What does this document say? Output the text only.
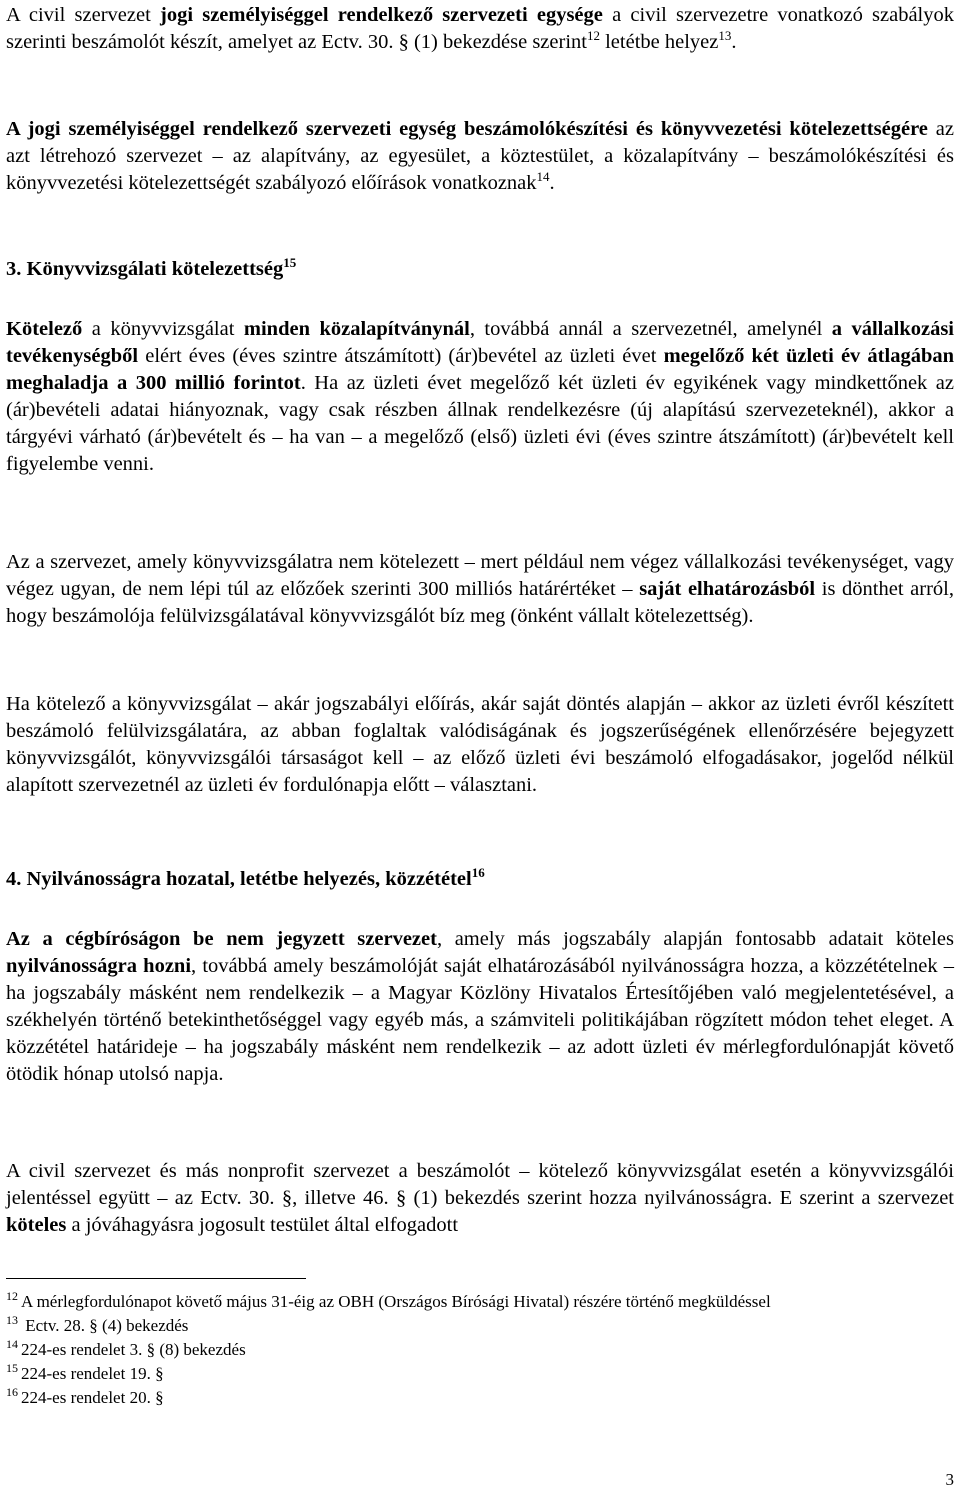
A civil szervezet jogi személyiséggel rendelkező szervezeti egysége a civil szervezetre vonatkozó szabályok szerinti beszámolót készít, amelyet az Ectv. 30. § (1) bekezdése szerint$^{12}$ letétbe helyez$^{13}$.

A jogi személyiséggel rendelkező szervezeti egység beszámolókészítési és könyvvezetési kötelezettségére az azt létrehozó szervezet – az alapítvány, az egyesület, a köztestület, a közalapítvány – beszámolókészítési és könyvvezetési kötelezettségét szabályozó előírások vonatkoznak$^{14}$.

3. Könyvvizsgálati kötelezettség$^{15}$

Kötelező a könyvvizsgálat minden közalapítványnál, továbbá annál a szervezetnél, amelynél a vállalkozási tevékenységből elért éves (éves szintre átszámított) (ár)bevétel az üzleti évet megelőző két üzleti év átlagában meghaladja a 300 millió forintot. Ha az üzleti évet megelőző két üzleti év egyikének vagy mindkettőnek az (ár)bevételi adatai hiányoznak, vagy csak részben állnak rendelkezésre (új alapítású szervezeteknél), akkor a tárgyévi várható (ár)bevételt és – ha van – a megelőző (első) üzleti évi (éves szintre átszámított) (ár)bevételt kell figyelembe venni.

Az a szervezet, amely könyvvizsgálatra nem kötelezett – mert például nem végez vállalkozási tevékenységet, vagy végez ugyan, de nem lépi túl az előzőek szerinti 300 milliós határértéket – saját elhatározásból is dönthet arról, hogy beszámolója felülvizsgálatával könyvvizsgálót bíz meg (önként vállalt kötelezettség).

Ha kötelező a könyvvizsgálat – akár jogszabályi előírás, akár saját döntés alapján – akkor az üzleti évről készített beszámoló felülvizsgálatára, az abban foglaltak valódiságának és jogszerűségének ellenőrzésére bejegyzett könyvvizsgálót, könyvvizsgálói társaságot kell – az előző üzleti évi beszámoló elfogadásakor, jogelőd nélkül alapított szervezetnél az üzleti év fordulónapja előtt – választani.

4. Nyilvánosságra hozatal, letétbe helyezés, közzététel$^{16}$

Az a cégbíróságon be nem jegyzett szervezet, amely más jogszabály alapján fontosabb adatait köteles nyilvánosságra hozni, továbbá amely beszámolóját saját elhatározásából nyilvánosságra hozza, a közzétételnek – ha jogszabály másként nem rendelkezik – a Magyar Közlöny Hivatalos Értesítőjében való megjelentetésével, a székhelyén történő betekinthetőséggel vagy egyéb más, a számviteli politikájában rögzített módon tehet eleget. A közzététel határideje – ha jogszabály másként nem rendelkezik – az adott üzleti év mérlegfordulónapját követő ötödik hónap utolsó napja.

A civil szervezet és más nonprofit szervezet a beszámolót – kötelező könyvvizsgálat esetén a könyvvizsgálói jelentéssel együtt – az Ectv. 30. §, illetve 46. § (1) bekezdés szerint hozza nyilvánosságra. E szerint a szervezet köteles a jóváhagyásra jogosult testület által elfogadott

$^{12}$ A mérlegfordulónapot követő május 31-éig az OBH (Országos Bírósági Hivatal) részére történő megküldéssel
$^{13}$ Ectv. 28. § (4) bekezdés
$^{14}$ 224-es rendelet 3. § (8) bekezdés
$^{15}$ 224-es rendelet 19. §
$^{16}$ 224-es rendelet 20. §
3
